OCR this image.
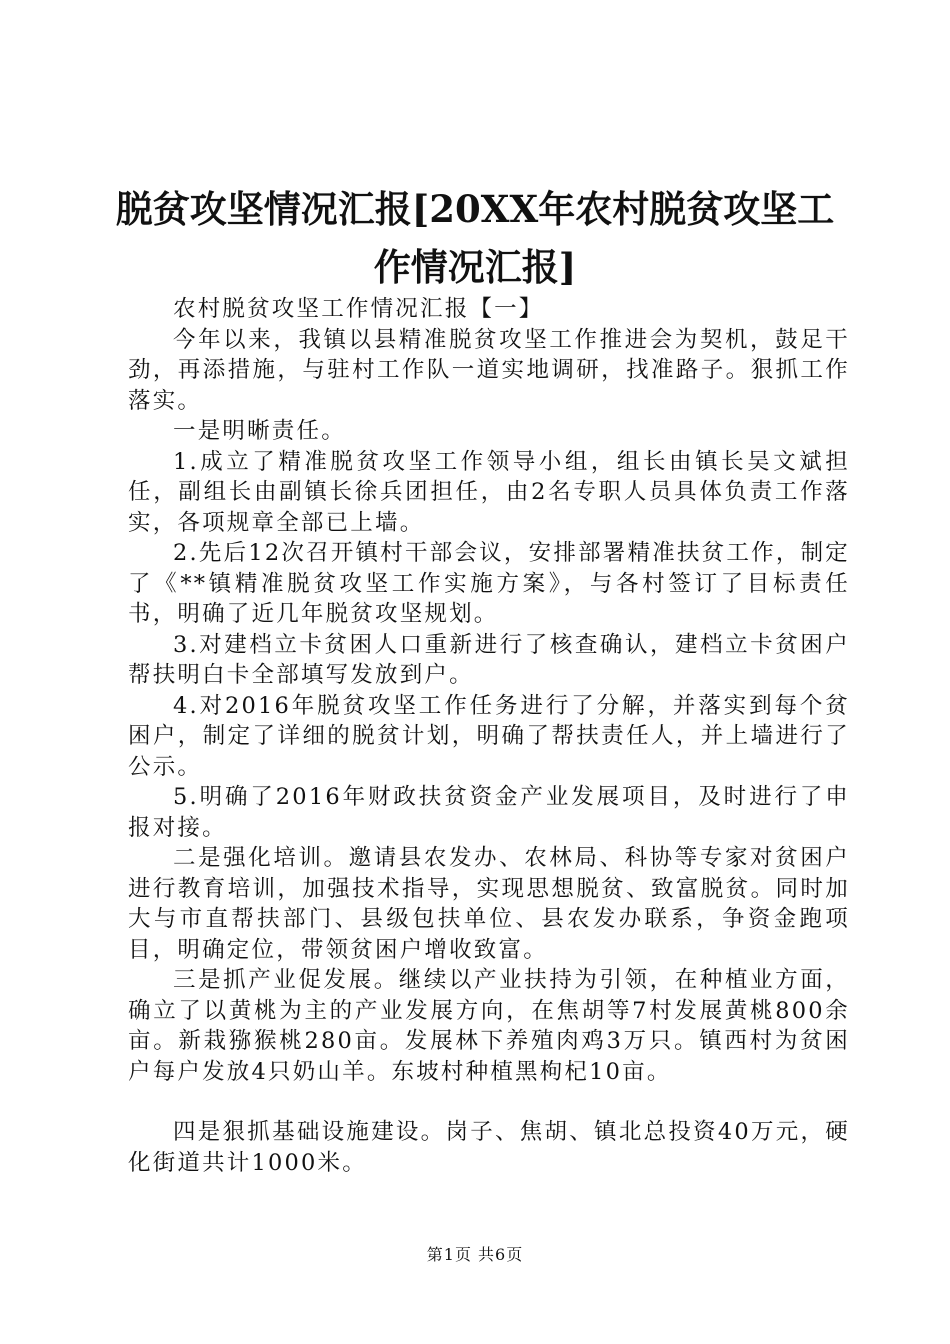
脱贫攻坚情况汇报[20XX年农村脱贫攻坚工作情况汇报]

农村脱贫攻坚工作情况汇报【一】

今年以来，我镇以县精准脱贫攻坚工作推进会为契机，鼓足干劲，再添措施，与驻村工作队一道实地调研，找准路子。狠抓工作落实。

一是明晰责任。

1.成立了精准脱贫攻坚工作领导小组，组长由镇长吴文斌担任，副组长由副镇长徐兵团担任，由2名专职人员具体负责工作落实，各项规章全部已上墙。

2.先后12次召开镇村干部会议，安排部署精准扶贫工作，制定了《**镇精准脱贫攻坚工作实施方案》，与各村签订了目标责任书，明确了近几年脱贫攻坚规划。

3.对建档立卡贫困人口重新进行了核查确认，建档立卡贫困户帮扶明白卡全部填写发放到户。

4.对2016年脱贫攻坚工作任务进行了分解，并落实到每个贫困户，制定了详细的脱贫计划，明确了帮扶责任人，并上墙进行了公示。

5.明确了2016年财政扶贫资金产业发展项目，及时进行了申报对接。

二是强化培训。邀请县农发办、农林局、科协等专家对贫困户进行教育培训，加强技术指导，实现思想脱贫、致富脱贫。同时加大与市直帮扶部门、县级包扶单位、县农发办联系，争资金跑项目，明确定位，带领贫困户增收致富。

三是抓产业促发展。继续以产业扶持为引领，在种植业方面，确立了以黄桃为主的产业发展方向，在焦胡等7村发展黄桃800余亩。新栽猕猴桃280亩。发展林下养殖肉鸡3万只。镇西村为贫困户每户发放4只奶山羊。东坡村种植黑枸杞10亩。

四是狠抓基础设施建设。岗子、焦胡、镇北总投资40万元，硬化街道共计1000米。

第1页 共6页
